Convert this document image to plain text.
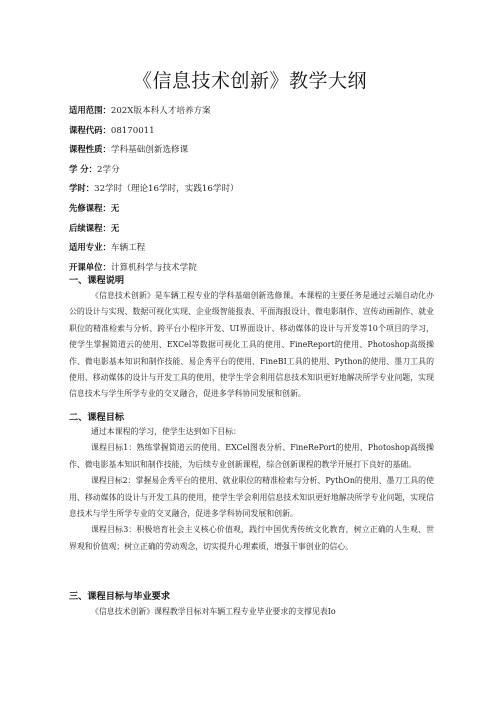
《信息技术创新》教学大纲
适用范围：202X版本科人才培养方案
课程代码：08170011
课程性质：学科基础创新选修课
学 分：2学分
学时：32学时（理论16学时，实践16学时）
先修课程：无
后续课程：无
适用专业：车辆工程
开课单位：计算机科学与技术学院
一、课程说明

《信息技术创新》是车辆工程专业的学科基础创新选修课。本课程的主要任务是通过云端自动化办公的设计与实现、数据可视化实现、企业级智能报表、平面海报设计、微电影制作、宣传动画制作、就业职位的精准检索与分析、跨平台小程序开发、UI界面设计、移动媒体的设计与开发等10个项目的学习，使学生掌握简道云的使用、EXCel等数据可视化工具的使用、FineReport的使用、Photoshop高级操作、微电影基本知识和制作技能、易企秀平台的使用、FineBI工具的使用、Python的使用、墨刀工具的使用、移动媒体的设计与开发工具的使用，使学生学会利用信息技术知识更好地解决所学专业问题，实现信息技术与学生所学专业的交叉融合，促进多学科协同发展和创新。

二、课程目标

通过本课程的学习，使学生达到如下目标：

课程目标1：熟练掌握简道云的使用、EXCel图表分析、FineRePort的使用、Photoshop高级操作、微电影基本知识和制作技能，为后续专业创新课程，综合创新课程的教学开展打下良好的基础。

课程目标2：掌握易企秀平台的使用、就业职位的精准检索与分析、PythOn的使用、墨刀工具的使用、移动媒体的设计与开发工具的使用，使学生学会利用信息技术知识更好地解决所学专业问题，实现信息技术与学生所学专业的交叉融合，促进多学科协同发展和创新。

课程目标3：积极培育社会主义核心价值观，践行中国优秀传统文化教育，树立正确的人生观、世界观和价值观；树立正确的劳动观念，切实提升心理素质，增强干事创业的信心。

三、课程目标与毕业要求

《信息技术创新》课程教学目标对车辆工程专业毕业要求的支撑见表Io
